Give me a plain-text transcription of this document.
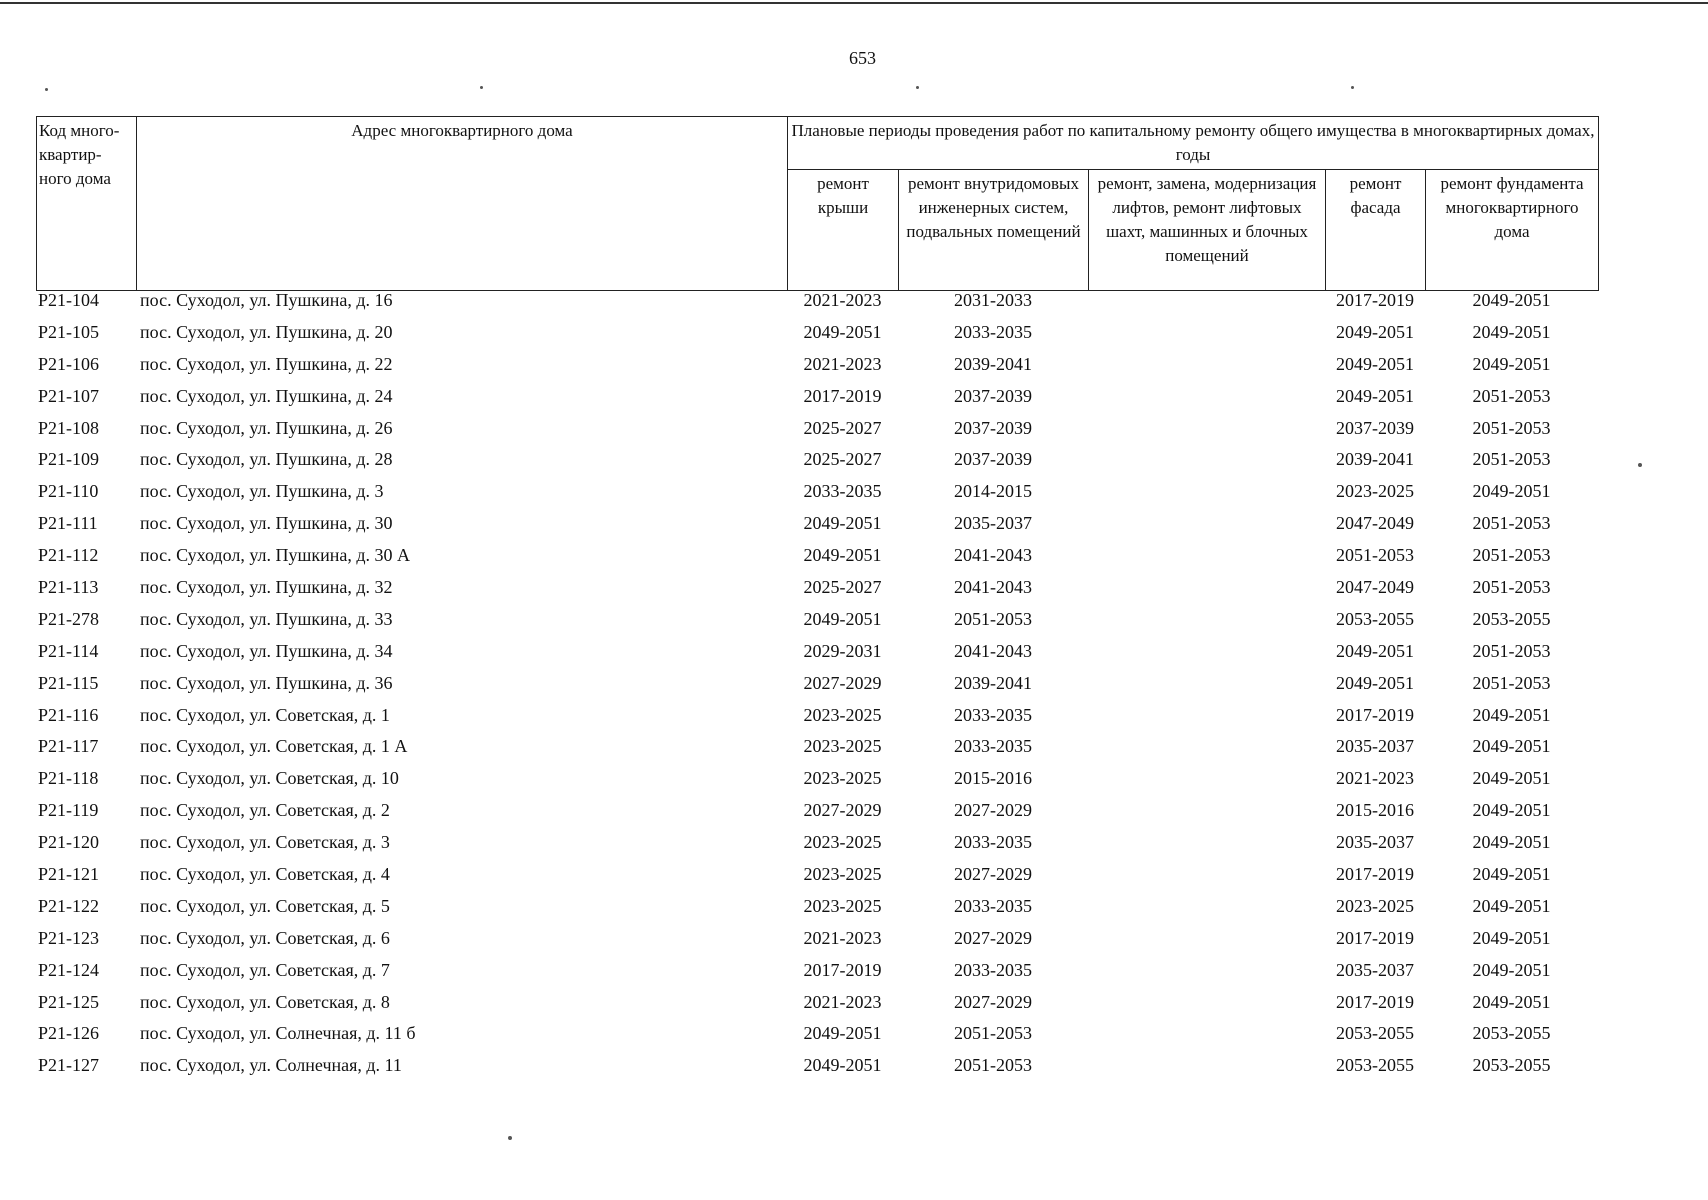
653
Код много-квартир-ного дома	Адрес многоквартирного дома	Плановые периоды проведения работ по капитальному ремонту общего имущества в многоквартирных домах, годы				
		ремонт крыши	ремонт внутридомовых инженерных систем, подвальных помещений	ремонт, замена, модернизация лифтов, ремонт лифтовых шахт, машинных и блочных помещений	ремонт фасада	ремонт фундамента многоквартирного дома
Р21-104	пос. Суходол, ул. Пушкина, д. 16	2021-2023	2031-2033		2017-2019	2049-2051
Р21-105	пос. Суходол, ул. Пушкина, д. 20	2049-2051	2033-2035		2049-2051	2049-2051
Р21-106	пос. Суходол, ул. Пушкина, д. 22	2021-2023	2039-2041		2049-2051	2049-2051
Р21-107	пос. Суходол, ул. Пушкина, д. 24	2017-2019	2037-2039		2049-2051	2051-2053
Р21-108	пос. Суходол, ул. Пушкина, д. 26	2025-2027	2037-2039		2037-2039	2051-2053
Р21-109	пос. Суходол, ул. Пушкина, д. 28	2025-2027	2037-2039		2039-2041	2051-2053
Р21-110	пос. Суходол, ул. Пушкина, д. 3	2033-2035	2014-2015		2023-2025	2049-2051
Р21-111	пос. Суходол, ул. Пушкина, д. 30	2049-2051	2035-2037		2047-2049	2051-2053
Р21-112	пос. Суходол, ул. Пушкина, д. 30 А	2049-2051	2041-2043		2051-2053	2051-2053
Р21-113	пос. Суходол, ул. Пушкина, д. 32	2025-2027	2041-2043		2047-2049	2051-2053
Р21-278	пос. Суходол, ул. Пушкина, д. 33	2049-2051	2051-2053		2053-2055	2053-2055
Р21-114	пос. Суходол, ул. Пушкина, д. 34	2029-2031	2041-2043		2049-2051	2051-2053
Р21-115	пос. Суходол, ул. Пушкина, д. 36	2027-2029	2039-2041		2049-2051	2051-2053
Р21-116	пос. Суходол, ул. Советская, д. 1	2023-2025	2033-2035		2017-2019	2049-2051
Р21-117	пос. Суходол, ул. Советская, д. 1 А	2023-2025	2033-2035		2035-2037	2049-2051
Р21-118	пос. Суходол, ул. Советская, д. 10	2023-2025	2015-2016		2021-2023	2049-2051
Р21-119	пос. Суходол, ул. Советская, д. 2	2027-2029	2027-2029		2015-2016	2049-2051
Р21-120	пос. Суходол, ул. Советская, д. 3	2023-2025	2033-2035		2035-2037	2049-2051
Р21-121	пос. Суходол, ул. Советская, д. 4	2023-2025	2027-2029		2017-2019	2049-2051
Р21-122	пос. Суходол, ул. Советская, д. 5	2023-2025	2033-2035		2023-2025	2049-2051
Р21-123	пос. Суходол, ул. Советская, д. 6	2021-2023	2027-2029		2017-2019	2049-2051
Р21-124	пос. Суходол, ул. Советская, д. 7	2017-2019	2033-2035		2035-2037	2049-2051
Р21-125	пос. Суходол, ул. Советская, д. 8	2021-2023	2027-2029		2017-2019	2049-2051
Р21-126	пос. Суходол, ул. Солнечная, д. 11 б	2049-2051	2051-2053		2053-2055	2053-2055
Р21-127	пос. Суходол, ул. Солнечная, д. 11	2049-2051	2051-2053		2053-2055	2053-2055
